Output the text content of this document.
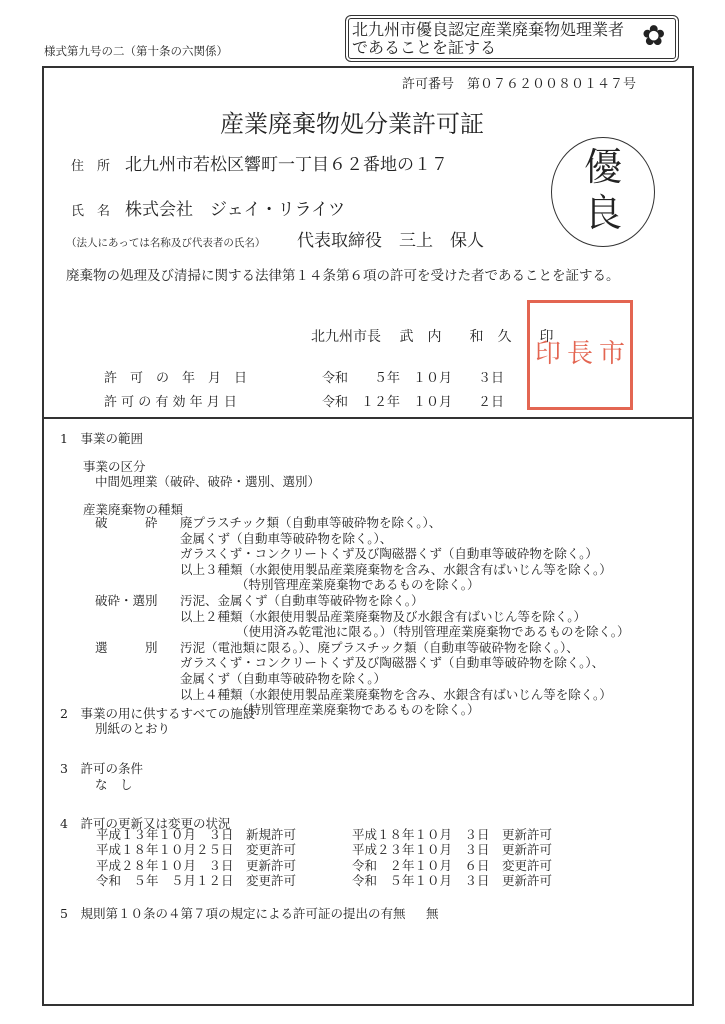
様式第九号の二（第十条の六関係）
北九州市優良認定産業廃棄物処理業者
であることを証する	✿
許可番号　第０７６２００８０１４７号
産業廃棄物処分業許可証
住　所 北九州市若松区響町一丁目６２番地の１７
氏　名 株式会社　ジェイ・リライツ
（法人にあっては名称及び代表者の氏名） 代表取締役　三上　保人
優
良
廃棄物の処理及び清掃に関する法律第１４条第６項の許可を受けた者であることを証する。
北九州市長　 武　内　　和　久　　印
印 長 市
許　可　の　年　月　日	令和　　５年　１０月　　３日
許 可 の 有 効 年 月 日	令和　１２年　１０月　　２日
1　事業の範囲
事業の区分
中間処理業（破砕、破砕・選別、選別）
産業廃棄物の種類
破　　　砕 廃プラスチック類（自動車等破砕物を除く。）、
金属くず（自動車等破砕物を除く。）、
ガラスくず・コンクリートくず及び陶磁器くず（自動車等破砕物を除く。）
以上３種類（水銀使用製品産業廃棄物を含み、水銀含有ばいじん等を除く。）
（特別管理産業廃棄物であるものを除く。）
破砕・選別 汚泥、金属くず（自動車等破砕物を除く。）
以上２種類（水銀使用製品産業廃棄物及び水銀含有ばいじん等を除く。）
（使用済み乾電池に限る。）（特別管理産業廃棄物であるものを除く。）
選　　　別 汚泥（電池類に限る。）、廃プラスチック類（自動車等破砕物を除く。）、
ガラスくず・コンクリートくず及び陶磁器くず（自動車等破砕物を除く。）、
金属くず（自動車等破砕物を除く。）
以上４種類（水銀使用製品産業廃棄物を含み、水銀含有ばいじん等を除く。）
（特別管理産業廃棄物であるものを除く。）
2　事業の用に供するすべての施設
別紙のとおり
3　許可の条件
な　し
4　許可の更新又は変更の状況
平成１３年１０月　３日　新規許可	平成１８年１０月　３日　更新許可
平成１８年１０月２５日　変更許可	平成２３年１０月　３日　更新許可
平成２８年１０月　３日　更新許可	令和　２年１０月　６日　変更許可
令和　５年　５月１２日　変更許可	令和　５年１０月　３日　更新許可
5　規則第１０条の４第７項の規定による許可証の提出の有無 無
